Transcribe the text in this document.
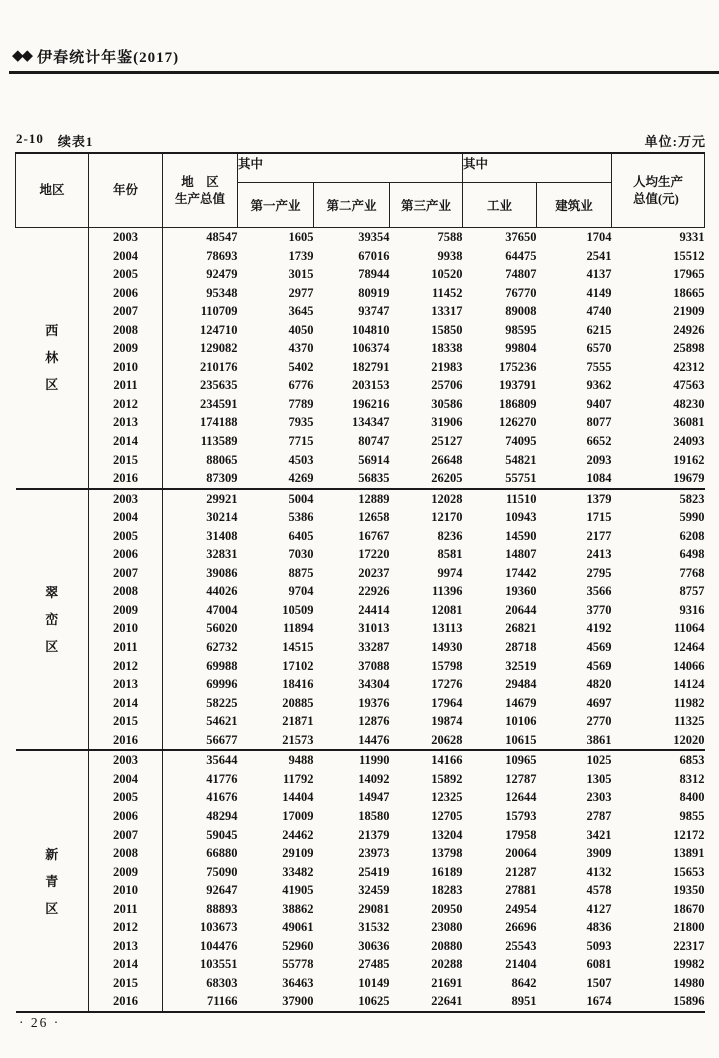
◆◆ 伊春统计年鉴(2017)
2-10 续表1	单位:万元
地区	年份	地　区
生产总值	其中			其中		人均生产
总值(元)
			第一产业	第二产业	第三产业	工业	建筑业	

西
林
区	2003	48547	1605	39354	7588	37650	1704	9331
	2004	78693	1739	67016	9938	64475	2541	15512
	2005	92479	3015	78944	10520	74807	4137	17965
	2006	95348	2977	80919	11452	76770	4149	18665
	2007	110709	3645	93747	13317	89008	4740	21909
	2008	124710	4050	104810	15850	98595	6215	24926
	2009	129082	4370	106374	18338	99804	6570	25898
	2010	210176	5402	182791	21983	175236	7555	42312
	2011	235635	6776	203153	25706	193791	9362	47563
	2012	234591	7789	196216	30586	186809	9407	48230
	2013	174188	7935	134347	31906	126270	8077	36081
	2014	113589	7715	80747	25127	74095	6652	24093
	2015	88065	4503	56914	26648	54821	2093	19162
	2016	87309	4269	56835	26205	55751	1084	19679

翠
峦
区	2003	29921	5004	12889	12028	11510	1379	5823
	2004	30214	5386	12658	12170	10943	1715	5990
	2005	31408	6405	16767	8236	14590	2177	6208
	2006	32831	7030	17220	8581	14807	2413	6498
	2007	39086	8875	20237	9974	17442	2795	7768
	2008	44026	9704	22926	11396	19360	3566	8757
	2009	47004	10509	24414	12081	20644	3770	9316
	2010	56020	11894	31013	13113	26821	4192	11064
	2011	62732	14515	33287	14930	28718	4569	12464
	2012	69988	17102	37088	15798	32519	4569	14066
	2013	69996	18416	34304	17276	29484	4820	14124
	2014	58225	20885	19376	17964	14679	4697	11982
	2015	54621	21871	12876	19874	10106	2770	11325
	2016	56677	21573	14476	20628	10615	3861	12020

新
青
区	2003	35644	9488	11990	14166	10965	1025	6853
	2004	41776	11792	14092	15892	12787	1305	8312
	2005	41676	14404	14947	12325	12644	2303	8400
	2006	48294	17009	18580	12705	15793	2787	9855
	2007	59045	24462	21379	13204	17958	3421	12172
	2008	66880	29109	23973	13798	20064	3909	13891
	2009	75090	33482	25419	16189	21287	4132	15653
	2010	92647	41905	32459	18283	27881	4578	19350
	2011	88893	38862	29081	20950	24954	4127	18670
	2012	103673	49061	31532	23080	26696	4836	21800
	2013	104476	52960	30636	20880	25543	5093	22317
	2014	103551	55778	27485	20288	21404	6081	19982
	2015	68303	36463	10149	21691	8642	1507	14980
	2016	71166	37900	10625	22641	8951	1674	15896
· 26 ·
